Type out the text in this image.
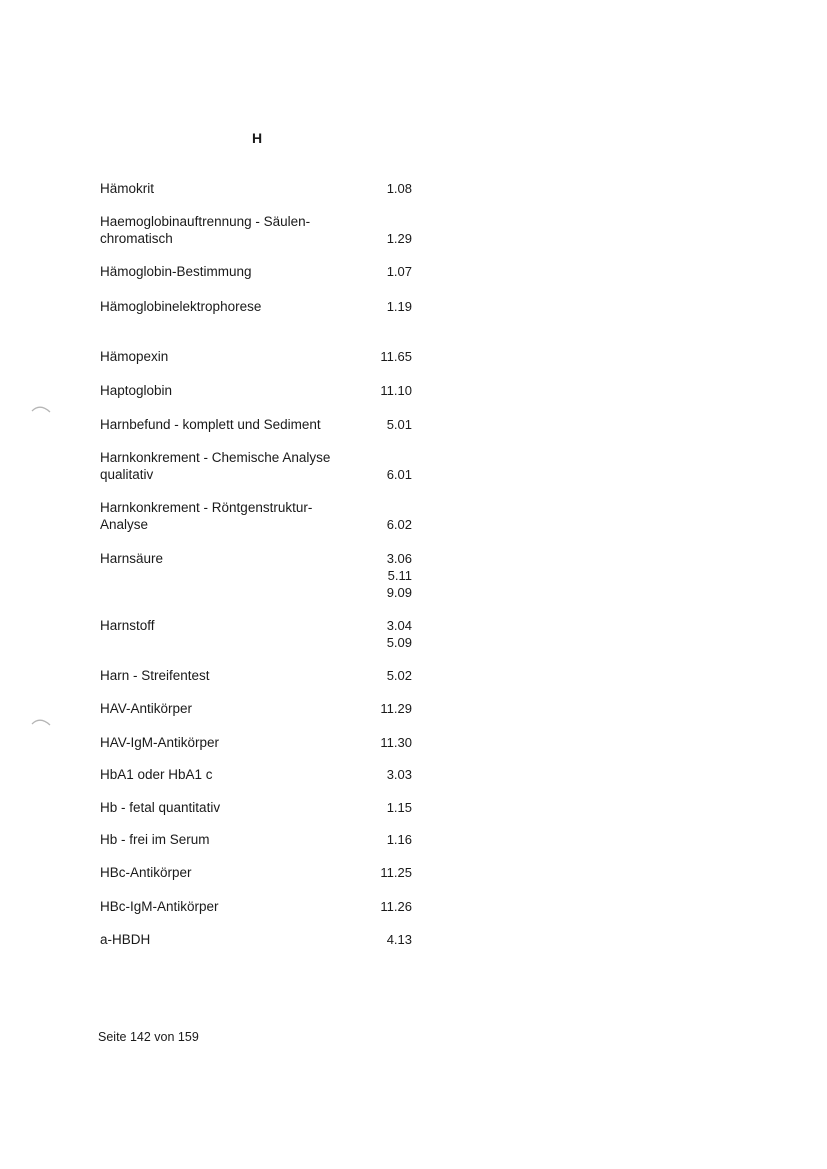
H
Hämokrit	1.08
Haemoglobinauftrennung - Säulen-
chromatisch	1.29
Hämoglobin-Bestimmung	1.07
Hämoglobinelektrophorese	1.19
Hämopexin	11.65
Haptoglobin	11.10
Harnbefund - komplett und Sediment	5.01
Harnkonkrement - Chemische Analyse
qualitativ	6.01
Harnkonkrement - Röntgenstruktur-
Analyse	6.02
Harnsäure	3.06
5.11
9.09
Harnstoff	3.04
5.09
Harn - Streifentest	5.02
HAV-Antikörper	11.29
HAV-IgM-Antikörper	11.30
HbA1 oder HbA1 c	3.03
Hb - fetal quantitativ	1.15
Hb - frei im Serum	1.16
HBc-Antikörper	11.25
HBc-IgM-Antikörper	11.26
a-HBDH	4.13
Seite 142 von 159
